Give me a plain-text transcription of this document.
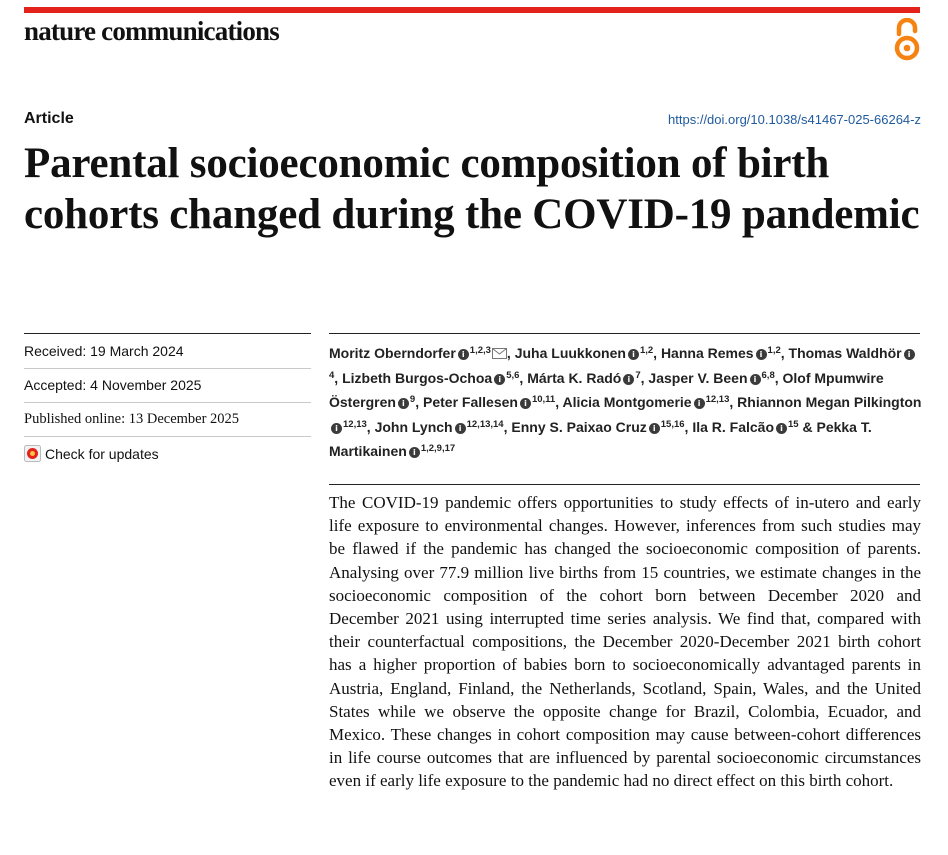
nature communications
Article	https://doi.org/10.1038/s41467-025-66264-z
Parental socioeconomic composition of birth cohorts changed during the COVID-19 pandemic
Received: 19 March 2024
Accepted: 4 November 2025
Published online: 13 December 2025
Check for updates
Moritz Oberndorfer i $^{1,2,3}$ , Juha Luukkonen i $^{1,2}$, Hanna Remes i $^{1,2}$, Thomas Waldhör i$^4$, Lizbeth Burgos-Ochoa i $^{5,6}$, Márta K. Radó i $^7$, Jasper V. Been i $^{6,8}$, Olof Mpumwire Östergren i $^9$, Peter Fallesen i $^{10,11}$, Alicia Montgomerie i $^{12,13}$, Rhiannon Megan Pilkingtoni $^{12,13}$, John Lynch i $^{12,13,14}$, Enny S. Paixao Cruz i $^{15,16}$, Ila R. Falcão i $^{15}$ & Pekka T. Martikainen i $^{1,2,9,17}$

The COVID-19 pandemic offers opportunities to study effects of in-utero and early life exposure to environmental changes. However, inferences from such studies may be flawed if the pandemic has changed the socioeconomic composition of parents. Analysing over 77.9 million live births from 15 countries, we estimate changes in the socioeconomic composition of the cohort born between December 2020 and December 2021 using interrupted time series analysis. We find that, compared with their counterfactual compositions, the December 2020-December 2021 birth cohort has a higher proportion of babies born to socioeconomically advantaged parents in Austria, England, Finland, the Netherlands, Scotland, Spain, Wales, and the United States while we observe the opposite change for Brazil, Colombia, Ecuador, and Mexico. These changes in cohort composition may cause between-cohort differences in life course outcomes that are influenced by parental socioeconomic circumstances even if early life exposure to the pandemic had no direct effect on this birth cohort.
